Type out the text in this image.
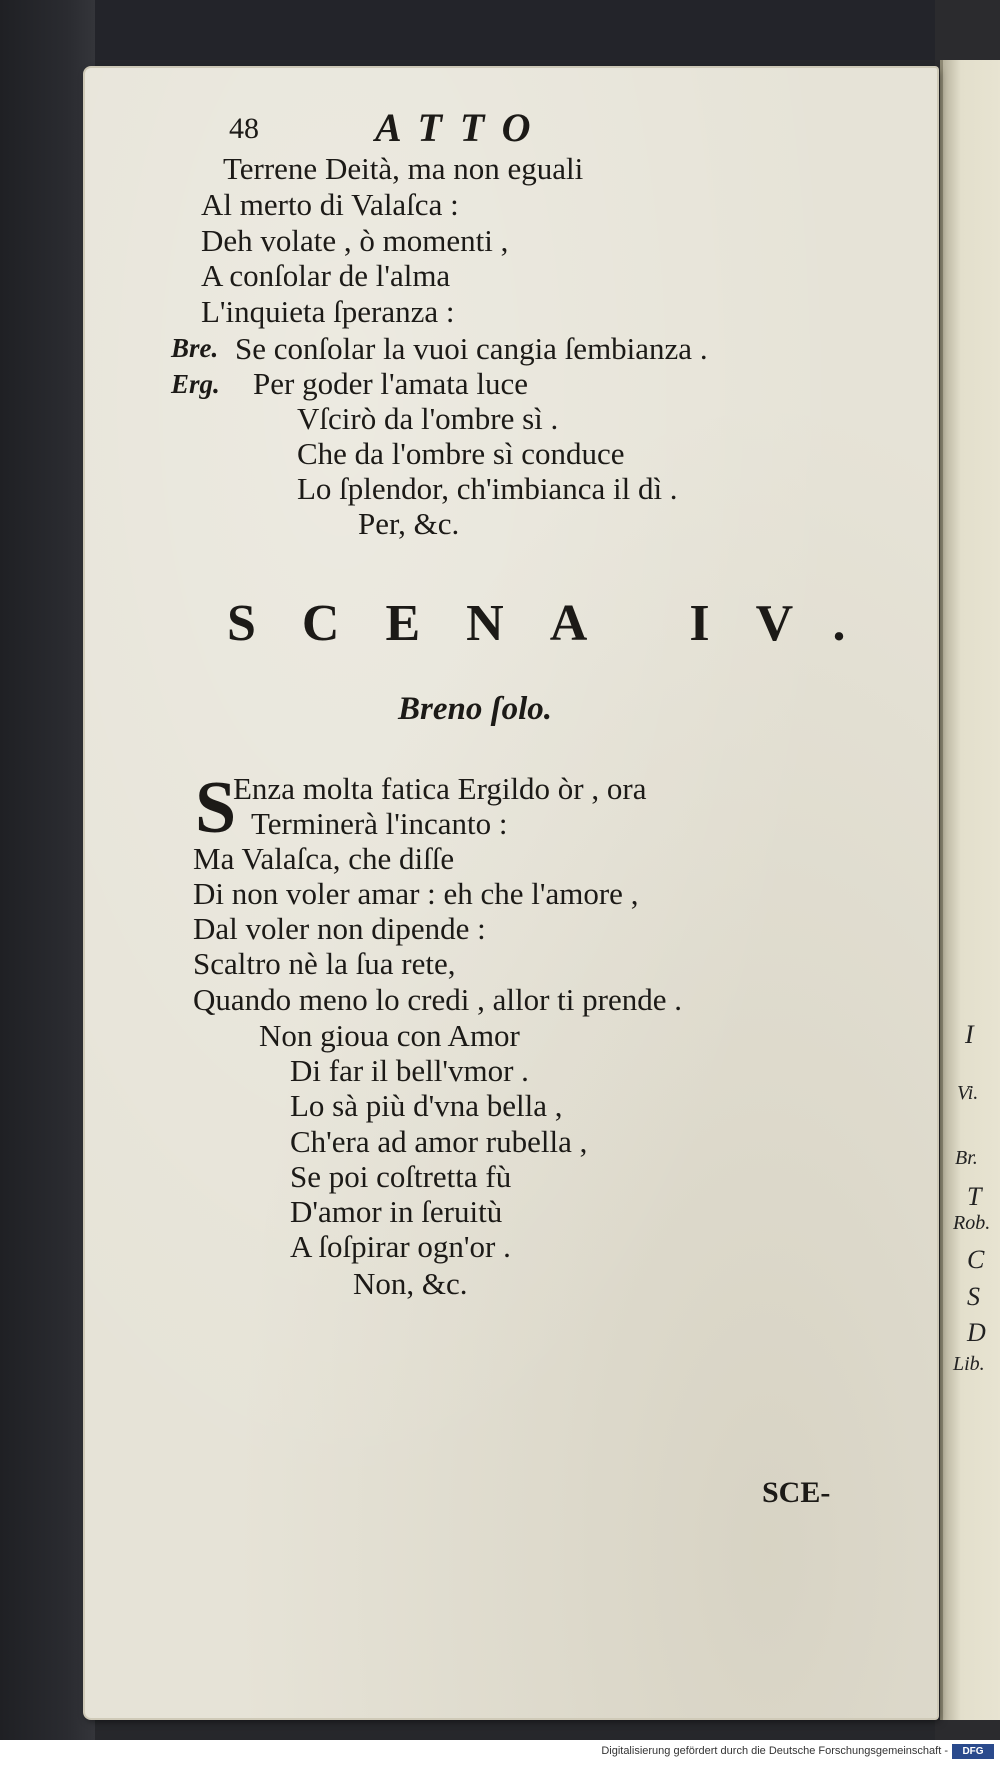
I
Vi.
Br.
T
Rob.
C
S
D
Lib.
48	ATTO
Terrene Deità, ma non eguali
Al merto di Valaſca :
Deh volate , ò momenti ,
A conſolar de l'alma
L'inquieta ſperanza :
Bre. Se conſolar la vuoi cangia ſembianza .
Erg. Per goder l'amata luce
Vſcirò da l'ombre sì .
Che da l'ombre sì conduce
Lo ſplendor, ch'imbianca il dì .
Per, &c.
SCENA IV.
Breno ſolo.
S
Enza molta fatica Ergildo òr , ora
Terminerà l'incanto :
Ma Valaſca, che diſſe
Di non voler amar : eh che l'amore ,
Dal voler non dipende :
Scaltro nè la ſua rete,
Quando meno lo credi , allor ti prende .
Non gioua con Amor
Di far il bell'vmor .
Lo sà più d'vna bella ,
Ch'era ad amor rubella ,
Se poi coſtretta fù
D'amor in ſeruitù
A ſoſpirar ogn'or .
Non, &c.
SCE-
Digitalisierung gefördert durch die Deutsche Forschungsgemeinschaft -	DFG
